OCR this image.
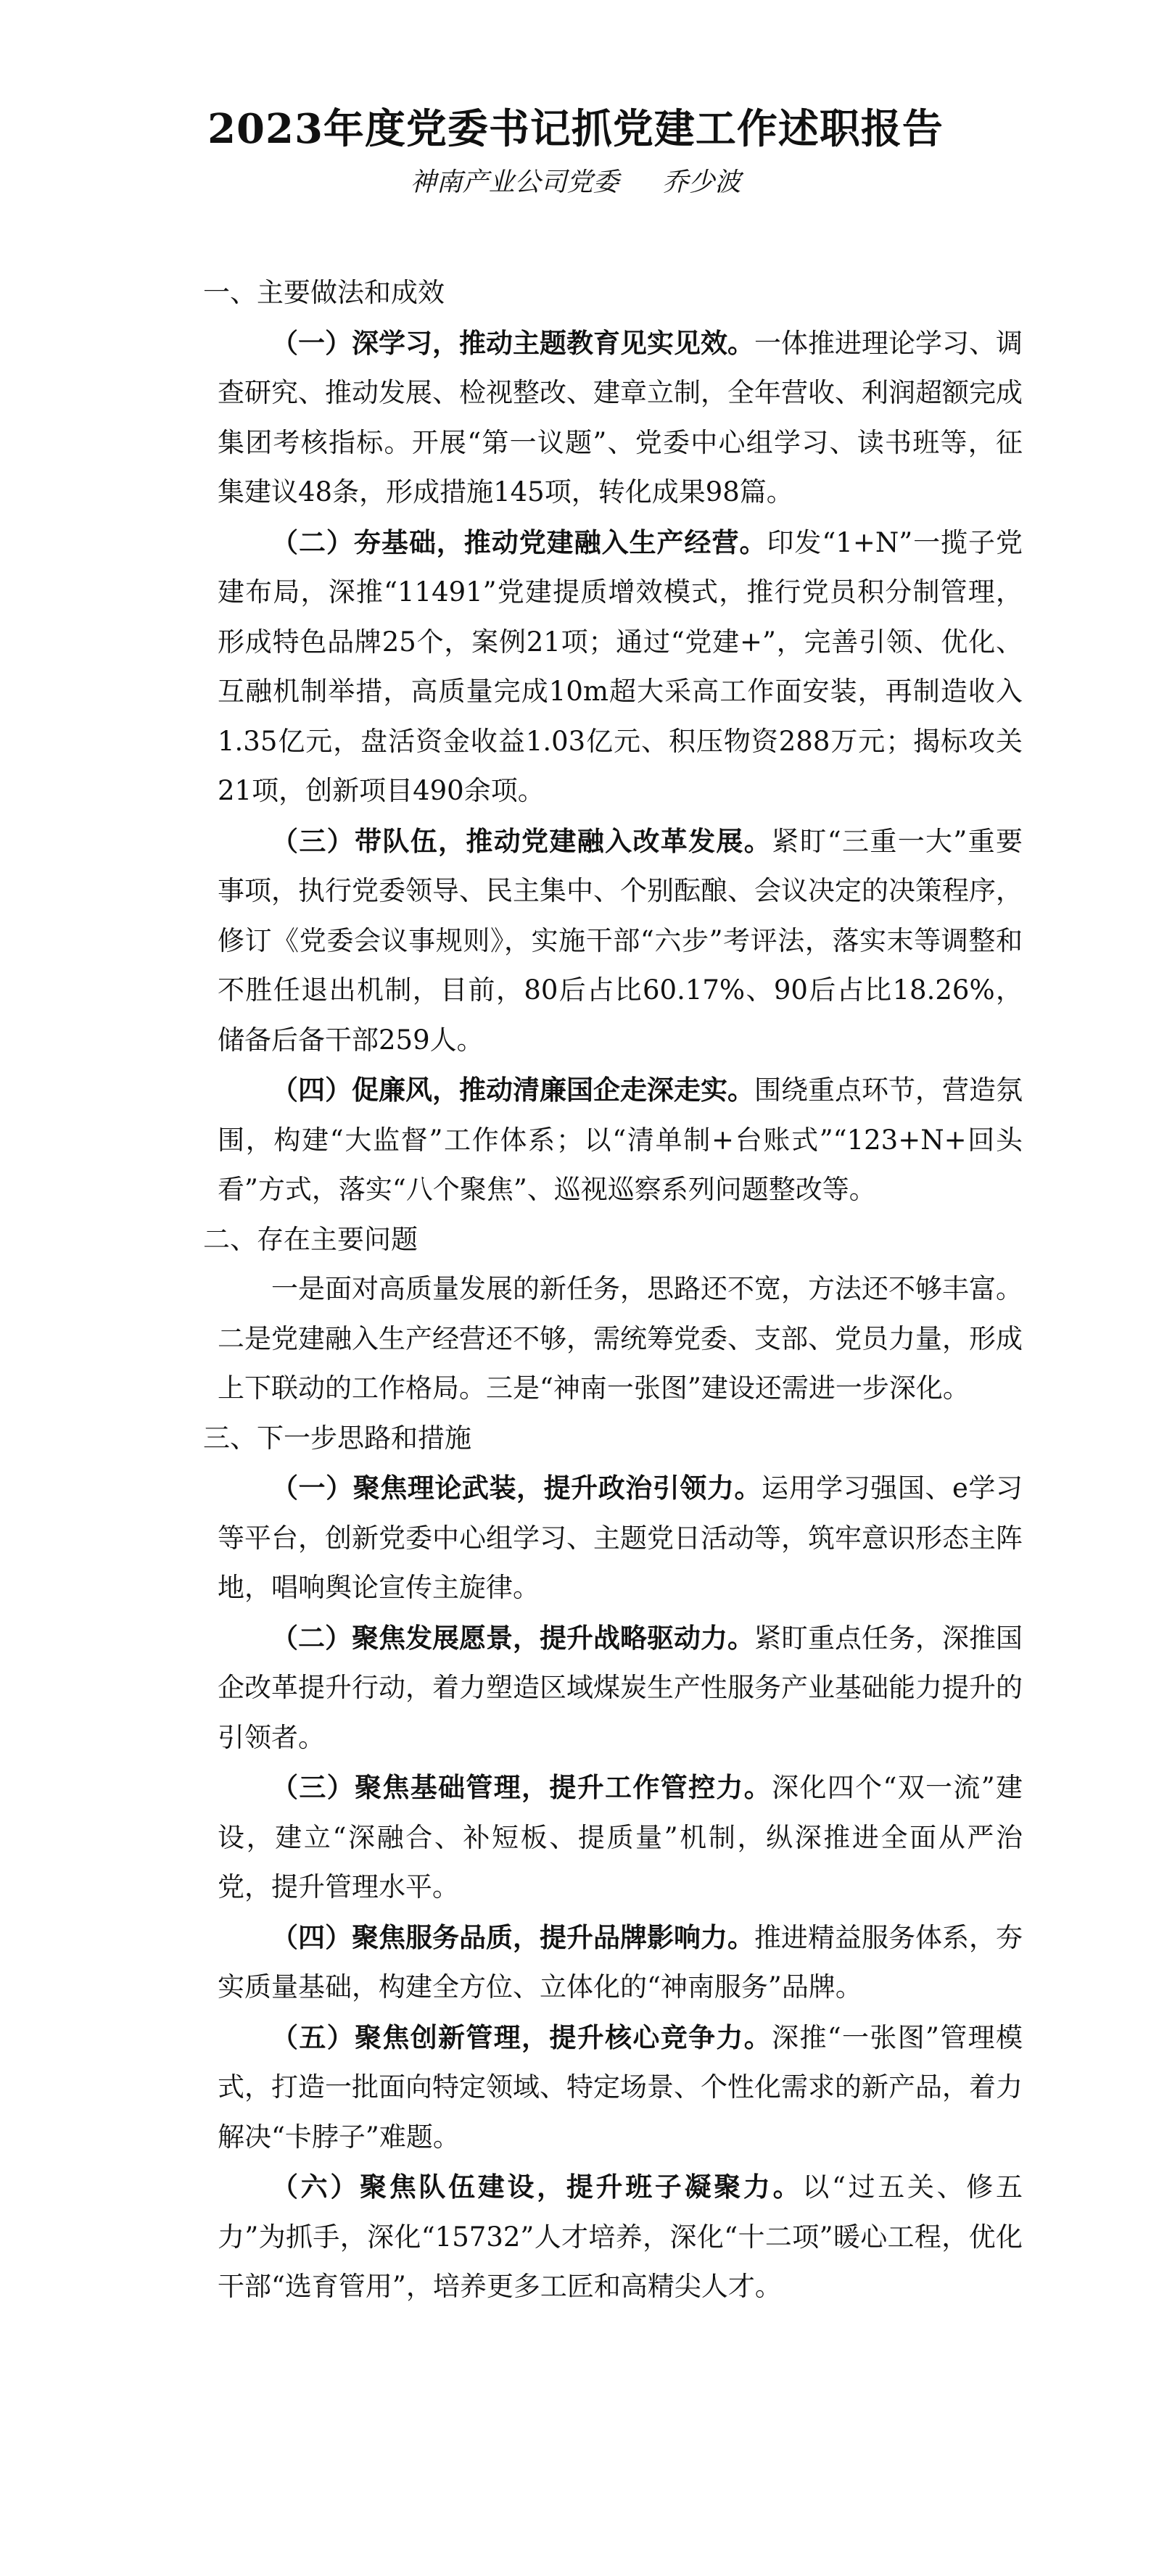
2023年度党委书记抓党建工作述职报告
神南产业公司党委 乔少波
一、主要做法和成效

（一）深学习，推动主题教育见实见效。一体推进理论学习、调查研究、推动发展、检视整改、建章立制，全年营收、利润超额完成集团考核指标。开展“第一议题”、党委中心组学习、读书班等，征集建议48条，形成措施145项，转化成果98篇。

（二）夯基础，推动党建融入生产经营。印发“1+N”一揽子党建布局，深推“11491”党建提质增效模式，推行党员积分制管理，形成特色品牌25个，案例21项；通过“党建+”，完善引领、优化、互融机制举措，高质量完成10m超大采高工作面安装，再制造收入1.35亿元，盘活资金收益1.03亿元、积压物资288万元；揭标攻关21项，创新项目490余项。

（三）带队伍，推动党建融入改革发展。紧盯“三重一大”重要事项，执行党委领导、民主集中、个别酝酿、会议决定的决策程序，修订《党委会议事规则》，实施干部“六步”考评法，落实末等调整和不胜任退出机制，目前，80后占比60.17%、90后占比18.26%，储备后备干部259人。

（四）促廉风，推动清廉国企走深走实。围绕重点环节，营造氛围，构建“大监督”工作体系；以“清单制+台账式”“123+N+回头看”方式，落实“八个聚焦”、巡视巡察系列问题整改等。

二、存在主要问题

一是面对高质量发展的新任务，思路还不宽，方法还不够丰富。二是党建融入生产经营还不够，需统筹党委、支部、党员力量，形成上下联动的工作格局。三是“神南一张图”建设还需进一步深化。

三、下一步思路和措施

（一）聚焦理论武装，提升政治引领力。运用学习强国、e学习等平台，创新党委中心组学习、主题党日活动等，筑牢意识形态主阵地，唱响舆论宣传主旋律。

（二）聚焦发展愿景，提升战略驱动力。紧盯重点任务，深推国企改革提升行动，着力塑造区域煤炭生产性服务产业基础能力提升的引领者。

（三）聚焦基础管理，提升工作管控力。深化四个“双一流”建设，建立“深融合、补短板、提质量”机制，纵深推进全面从严治党，提升管理水平。

（四）聚焦服务品质，提升品牌影响力。推进精益服务体系，夯实质量基础，构建全方位、立体化的“神南服务”品牌。

（五）聚焦创新管理，提升核心竞争力。深推“一张图”管理模式，打造一批面向特定领域、特定场景、个性化需求的新产品，着力解决“卡脖子”难题。

（六）聚焦队伍建设，提升班子凝聚力。以“过五关、修五力”为抓手，深化“15732”人才培养，深化“十二项”暖心工程，优化干部“选育管用”，培养更多工匠和高精尖人才。
